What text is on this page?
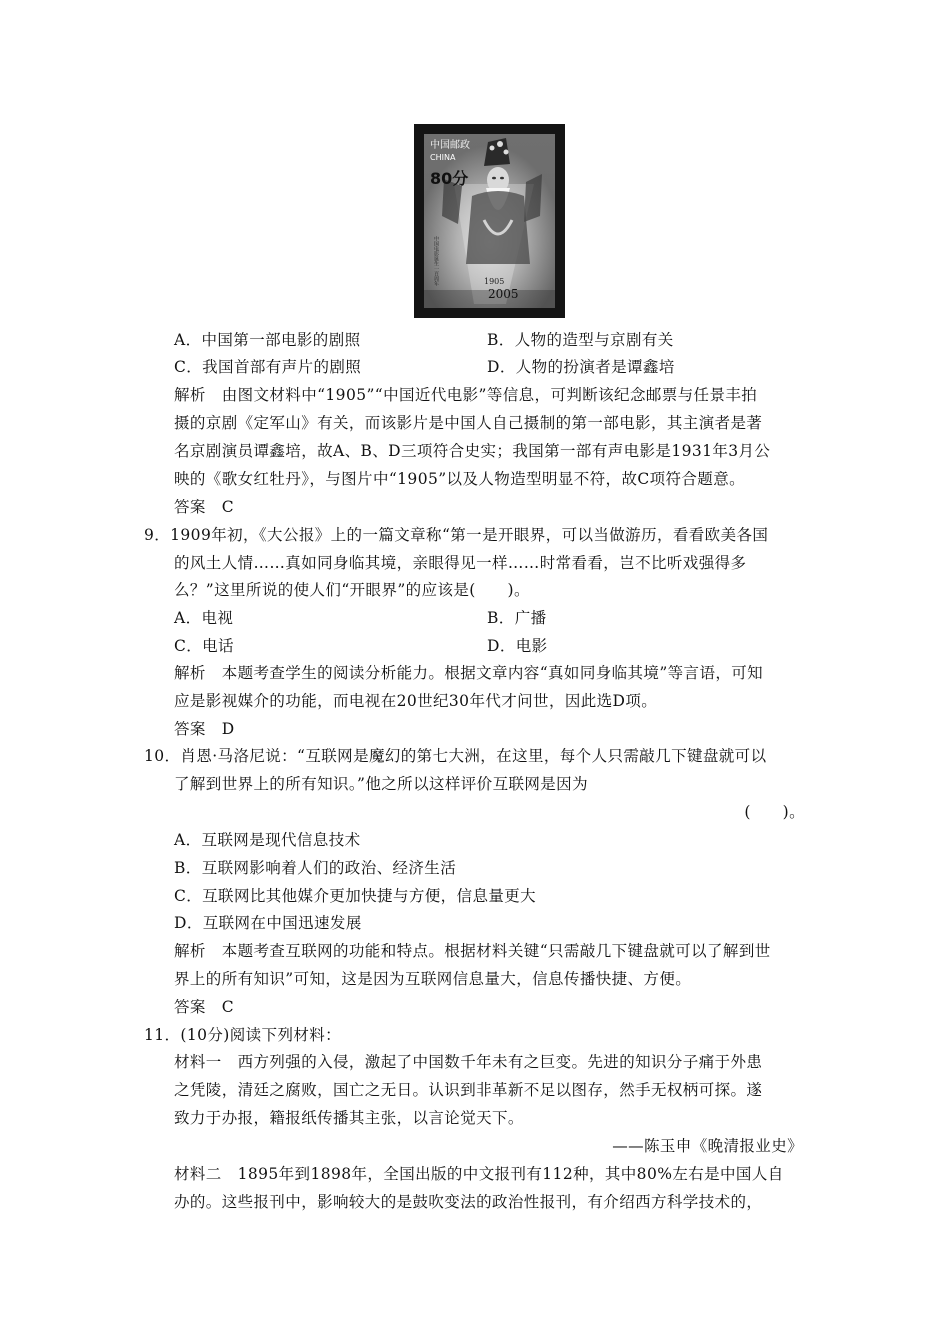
中国邮政
CHINA
80分
1905
2005
中国电影诞生一百周年
A．中国第一部电影的剧照	B．人物的造型与京剧有关
C．我国首部有声片的剧照	D．人物的扮演者是谭鑫培
解析　由图文材料中“1905”“中国近代电影”等信息，可判断该纪念邮票与任景丰拍
摄的京剧《定军山》有关，而该影片是中国人自己摄制的第一部电影，其主演者是著
名京剧演员谭鑫培，故A、B、D三项符合史实；我国第一部有声电影是1931年3月公
映的《歌女红牡丹》，与图片中“1905”以及人物造型明显不符，故C项符合题意。
答案　C
9．1909年初，《大公报》上的一篇文章称“第一是开眼界，可以当做游历，看看欧美各国
的风土人情……真如同身临其境，亲眼得见一样……时常看看，岂不比听戏强得多
么？”这里所说的使人们“开眼界”的应该是(　　)。
A．电视	B．广播
C．电话	D．电影
解析　本题考查学生的阅读分析能力。根据文章内容“真如同身临其境”等言语，可知
应是影视媒介的功能，而电视在20世纪30年代才问世，因此选D项。
答案　D
10．肖恩·马洛尼说：“互联网是魔幻的第七大洲，在这里，每个人只需敲几下键盘就可以
了解到世界上的所有知识。”他之所以这样评价互联网是因为
(　　)。
A．互联网是现代信息技术
B．互联网影响着人们的政治、经济生活
C．互联网比其他媒介更加快捷与方便，信息量更大
D．互联网在中国迅速发展
解析　本题考查互联网的功能和特点。根据材料关键“只需敲几下键盘就可以了解到世
界上的所有知识”可知，这是因为互联网信息量大，信息传播快捷、方便。
答案　C
11．(10分)阅读下列材料：
材料一　西方列强的入侵，激起了中国数千年未有之巨变。先进的知识分子痛于外患
之凭陵，清廷之腐败，国亡之无日。认识到非革新不足以图存，然手无权柄可探。遂
致力于办报，籍报纸传播其主张，以言论觉天下。
——陈玉申《晚清报业史》
材料二　1895年到1898年，全国出版的中文报刊有112种，其中80%左右是中国人自
办的。这些报刊中，影响较大的是鼓吹变法的政治性报刊，有介绍西方科学技术的，
